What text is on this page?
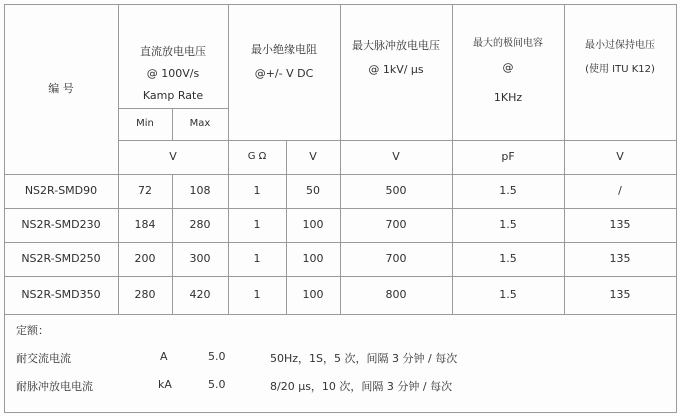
编 号
直流放电电压
@ 100V/s
Kamp Rate
Min	Max
最小绝缘电阻
@+/- V DC
最大脉冲放电电压
@ 1kV/ μs
最大的极间电容
@
1KHz
最小过保持电压
(使用 ITU K12)
V	G Ω	V	V	pF	V
NS2R-SMD90	72	108	1	50	500	1.5	/
NS2R-SMD230	184	280	1	100	700	1.5	135
NS2R-SMD250	200	300	1	100	700	1.5	135
NS2R-SMD350	280	420	1	100	800	1.5	135
定额：
耐交流电流	A	5.0	50Hz，1S，5 次，间隔 3 分钟 / 每次
耐脉冲放电电流	kA	5.0	8/20 μs，10 次，间隔 3 分钟 / 每次
